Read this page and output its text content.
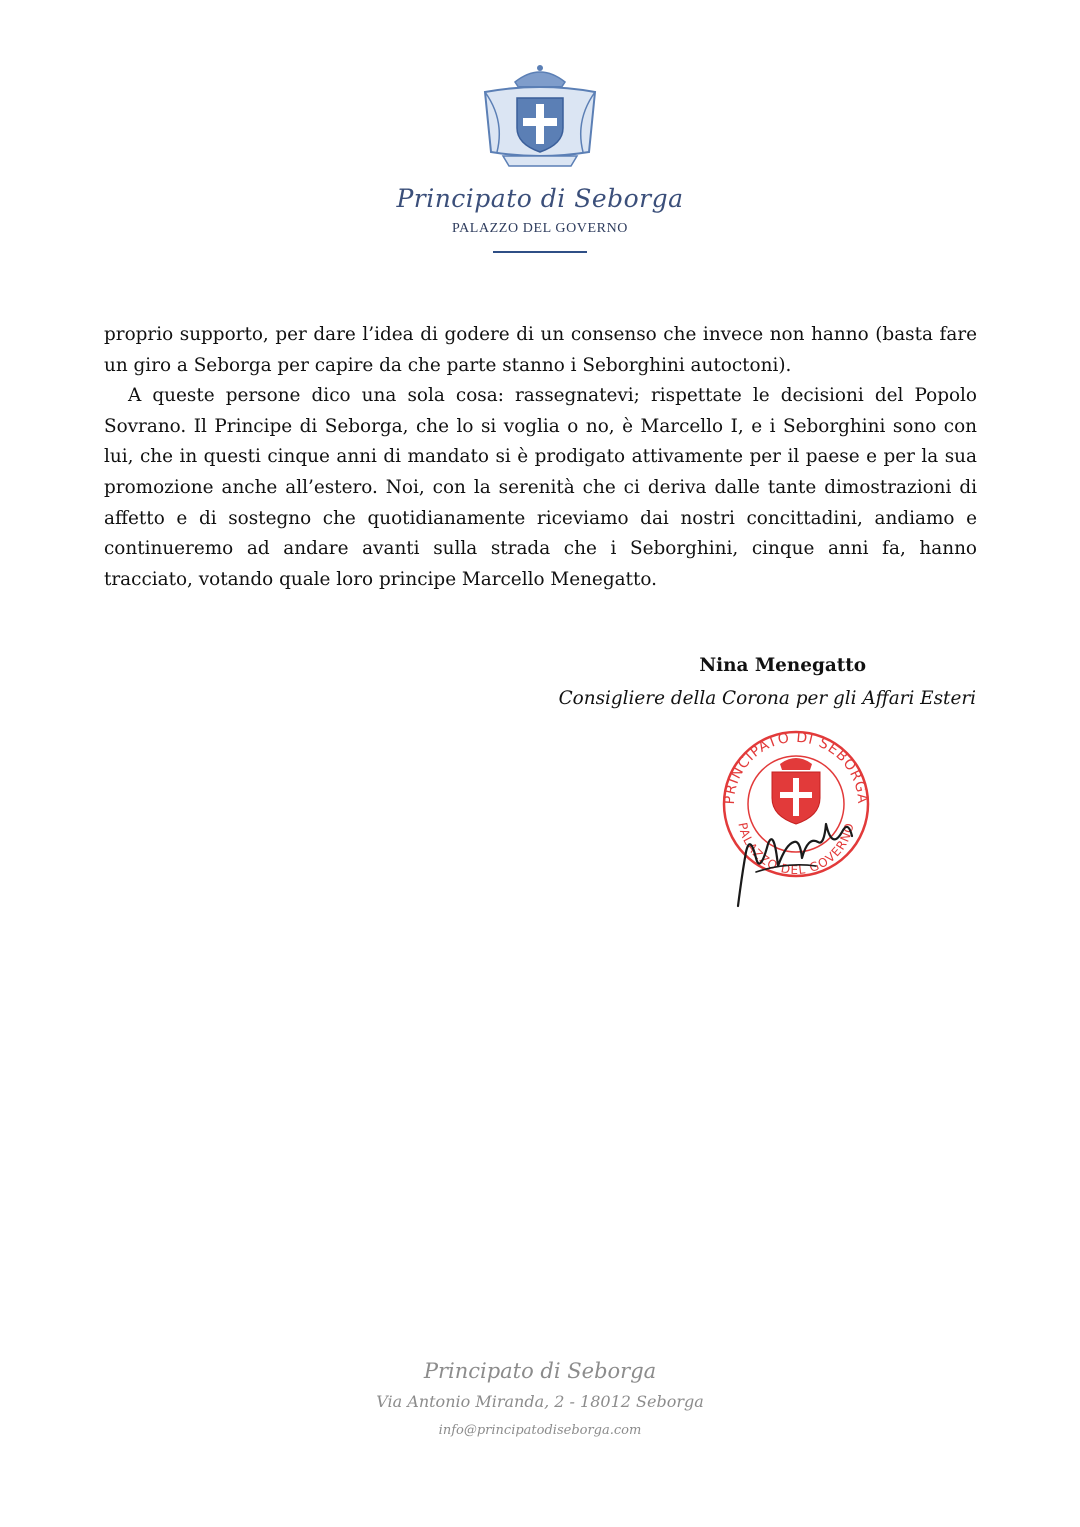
Principato di Seborga
PALAZZO DEL GOVERNO

proprio supporto, per dare l’idea di godere di un consenso che invece non hanno (basta fare un giro a Seborga per capire da che parte stanno i Seborghini autoctoni).

A queste persone dico una sola cosa: rassegnatevi; rispettate le decisioni del Popolo Sovrano. Il Principe di Seborga, che lo si voglia o no, è Marcello I, e i Seborghini sono con lui, che in questi cinque anni di mandato si è prodigato attivamente per il paese e per la sua promozione anche all’estero. Noi, con la serenità che ci deriva dalle tante dimostrazioni di affetto e di sostegno che quotidianamente riceviamo dai nostri concittadini, andiamo e continueremo ad andare avanti sulla strada che i Seborghini, cinque anni fa, hanno tracciato, votando quale loro principe Marcello Menegatto.

Nina Menegatto
Consigliere della Corona per gli Affari Esteri
PRINCIPATO DI SEBORGA
PALAZZO DEL GOVERNO
Principato di Seborga
Via Antonio Miranda, 2 - 18012 Seborga
info@principatodiseborga.com
